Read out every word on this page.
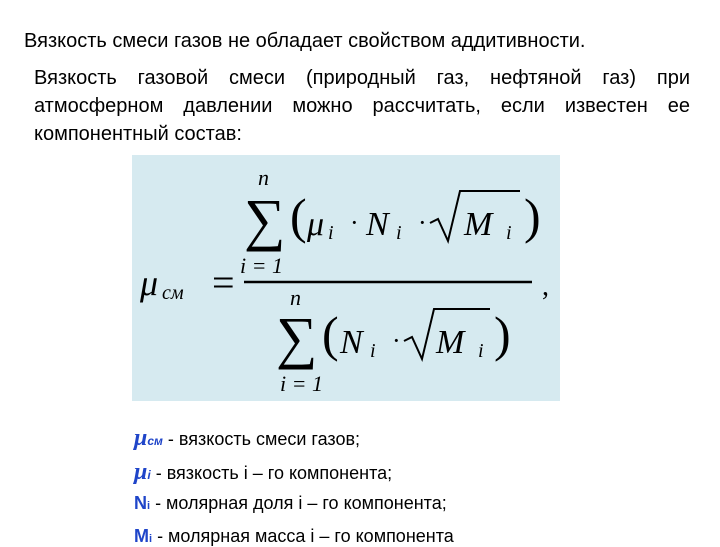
Вязкость смеси газов не обладает свойством аддитивности.
Вязкость газовой смеси (природный газ, нефтяной газ) при атмосферном давлении можно рассчитать, если известен ее компонентный состав:
μ см =
n
∑
i = 1
( μ i · N i · M i )
,
n
∑
i = 1
( N i · M i )
μсм - вязкость смеси газов;
μi - вязкость i – го компонента;
Ni - молярная доля i – го компонента;
Mi - молярная масса i – го компонента
